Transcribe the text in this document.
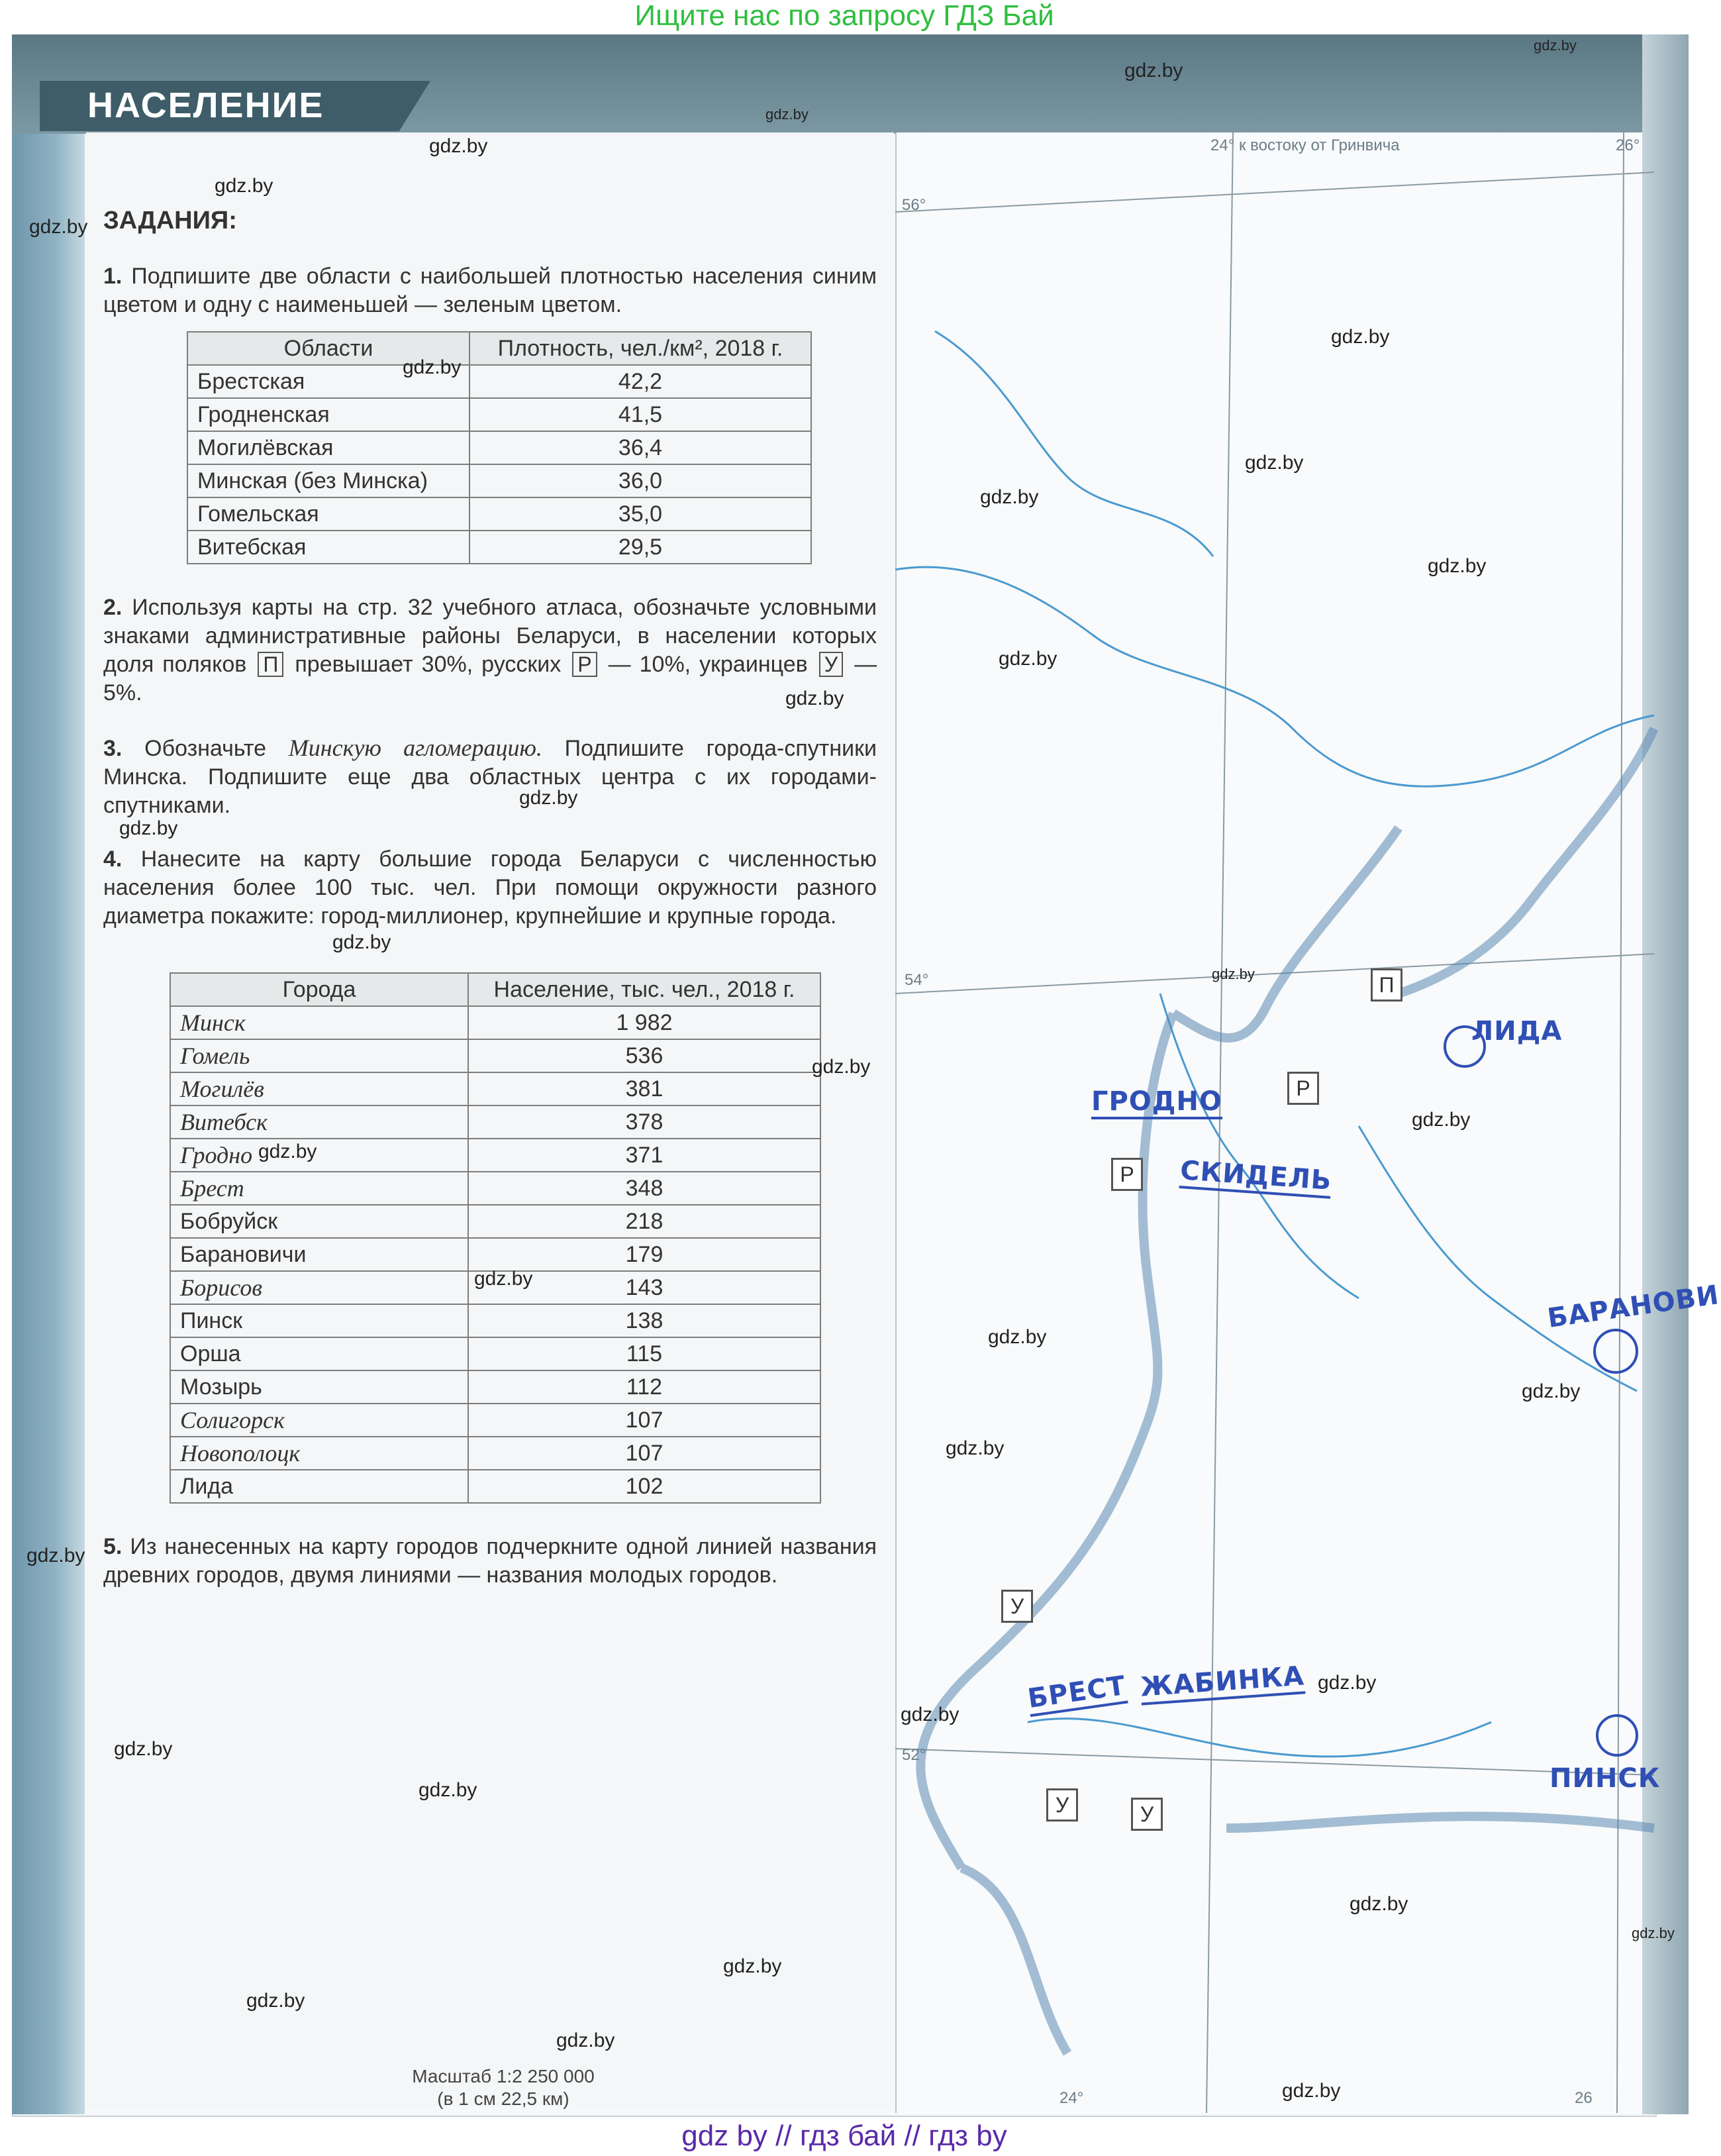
Ищите нас по запросу ГДЗ Бай
НАСЕЛЕНИЕ
ЗАДАНИЯ:
1. Подпишите две области с наибольшей плотностью населения синим цветом и одну с наименьшей — зеленым цветом.
Области	Плотность, чел./км², 2018 г.
Брестская	42,2
Гродненская	41,5
Могилёвская	36,4
Минская (без Минска)	36,0
Гомельская	35,0
Витебская	29,5
2. Используя карты на стр. 32 учебного атласа, обозначьте условными знаками административные районы Беларуси, в населении которых доля поляков П превышает 30%, русских Р — 10%, украинцев У — 5%.
3. Обозначьте Минскую агломерацию. Подпишите города-спутники Минска. Подпишите еще два областных центра с их городами-спутниками.
4. Нанесите на карту большие города Беларуси с численностью населения более 100 тыс. чел. При помощи окружности разного диаметра покажите: город-миллионер, крупнейшие и крупные города.
Города	Население, тыс. чел., 2018 г.
Минск	1 982
Гомель	536
Могилёв	381
Витебск	378
Гродно	371
Брест	348
Бобруйск	218
Барановичи	179
Борисов	143
Пинск	138
Орша	115
Мозырь	112
Солигорск	107
Новополоцк	107
Лида	102
5. Из нанесенных на карту городов подчеркните одной линией названия древних городов, двумя линиями — названия молодых городов.
Масштаб 1:2 250 000
(в 1 см 22,5 км)
24° к востоку от Гринвича	26°
56°
54°
52°
24°	26
ЛИДА
ГРОДНО
СКИДЕЛЬ
БАРАНОВИ
БРЕСТ ЖАБИНКА
ПИНСК
П
Р
Р
У
У	У
gdz.by
gdz.by
gdz.by
gdz.by
gdz.by
gdz.by
gdz.by
gdz.by
gdz.by
gdz.by
gdz.by
gdz.by
gdz.by
gdz.by
gdz.by
gdz.by
gdz.by
gdz.by
gdz.by
gdz.by
gdz.by
gdz.by
gdz.by
gdz.by
gdz.by
gdz.by
gdz.by
gdz.by
gdz.by
gdz.by
gdz.by
gdz.by
gdz.by
gdz.by
gdz.by
gdz by // гдз бай // гдз by
